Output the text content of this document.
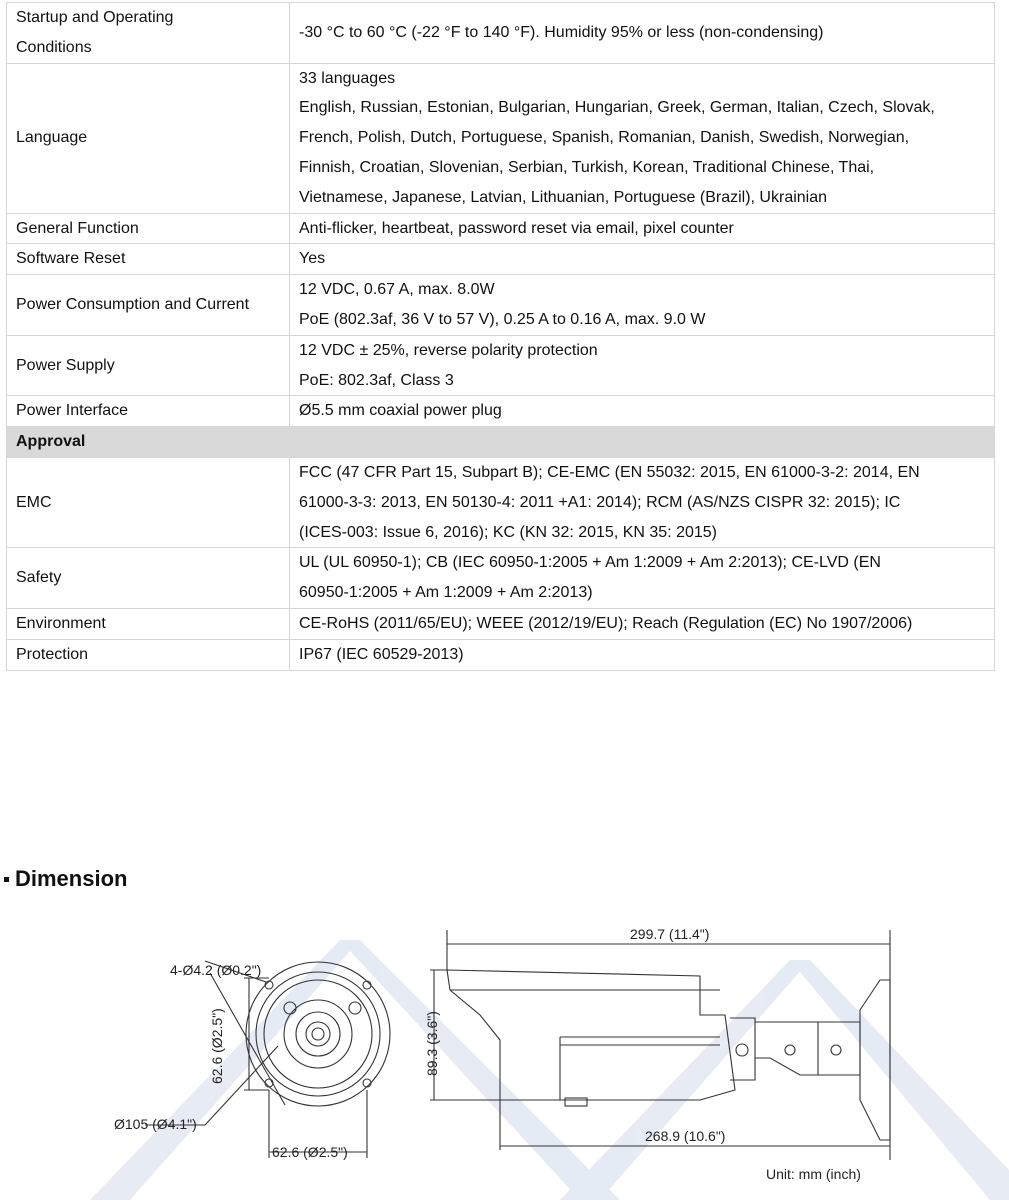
Startup and Operating
Conditions	-30 °C to 60 °C (-22 °F to 140 °F). Humidity 95% or less (non-condensing)

Language	33 languages
English, Russian, Estonian, Bulgarian, Hungarian, Greek, German, Italian, Czech, Slovak,
French, Polish, Dutch, Portuguese, Spanish, Romanian, Danish, Swedish, Norwegian,
Finnish, Croatian, Slovenian, Serbian, Turkish, Korean, Traditional Chinese, Thai,
Vietnamese, Japanese, Latvian, Lithuanian, Portuguese (Brazil), Ukrainian

General Function	Anti-flicker, heartbeat, password reset via email, pixel counter

Software Reset	Yes

Power Consumption and Current	12 VDC, 0.67 A, max. 8.0W
PoE (802.3af, 36 V to 57 V), 0.25 A to 0.16 A, max. 9.0 W

Power Supply	12 VDC ± 25%, reverse polarity protection
PoE: 802.3af, Class 3

Power Interface	Ø5.5 mm coaxial power plug

Approval	
EMC	FCC (47 CFR Part 15, Subpart B); CE-EMC (EN 55032: 2015, EN 61000-3-2: 2014, EN
61000-3-3: 2013, EN 50130-4: 2011 +A1: 2014); RCM (AS/NZS CISPR 32: 2015); IC
(ICES-003: Issue 6, 2016); KC (KN 32: 2015, KN 35: 2015)

Safety	UL (UL 60950-1); CB (IEC 60950-1:2005 + Am 1:2009 + Am 2:2013); CE-LVD (EN
60950-1:2005 + Am 1:2009 + Am 2:2013)

Environment	CE-RoHS (2011/65/EU); WEEE (2012/19/EU); Reach (Regulation (EC) No 1907/2006)

Protection	IP67 (IEC 60529-2013)
Dimension
4-Ø4.2 (Ø0.2")
62.6 (Ø2.5")
62.6 (Ø2.5")
Ø105 (Ø4.1")
299.7 (11.4")
89.3 (3.6")
268.9 (10.6")
Unit: mm (inch)
